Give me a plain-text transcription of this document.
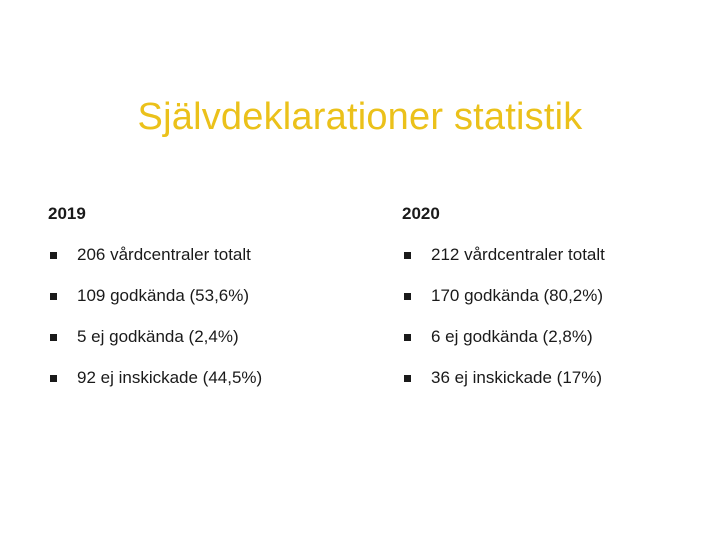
Självdeklarationer statistik
2019
206 vårdcentraler totalt
109 godkända (53,6%)
5 ej godkända (2,4%)
92 ej inskickade (44,5%)
2020
212 vårdcentraler totalt
170 godkända (80,2%)
6 ej godkända (2,8%)
36 ej inskickade (17%)
